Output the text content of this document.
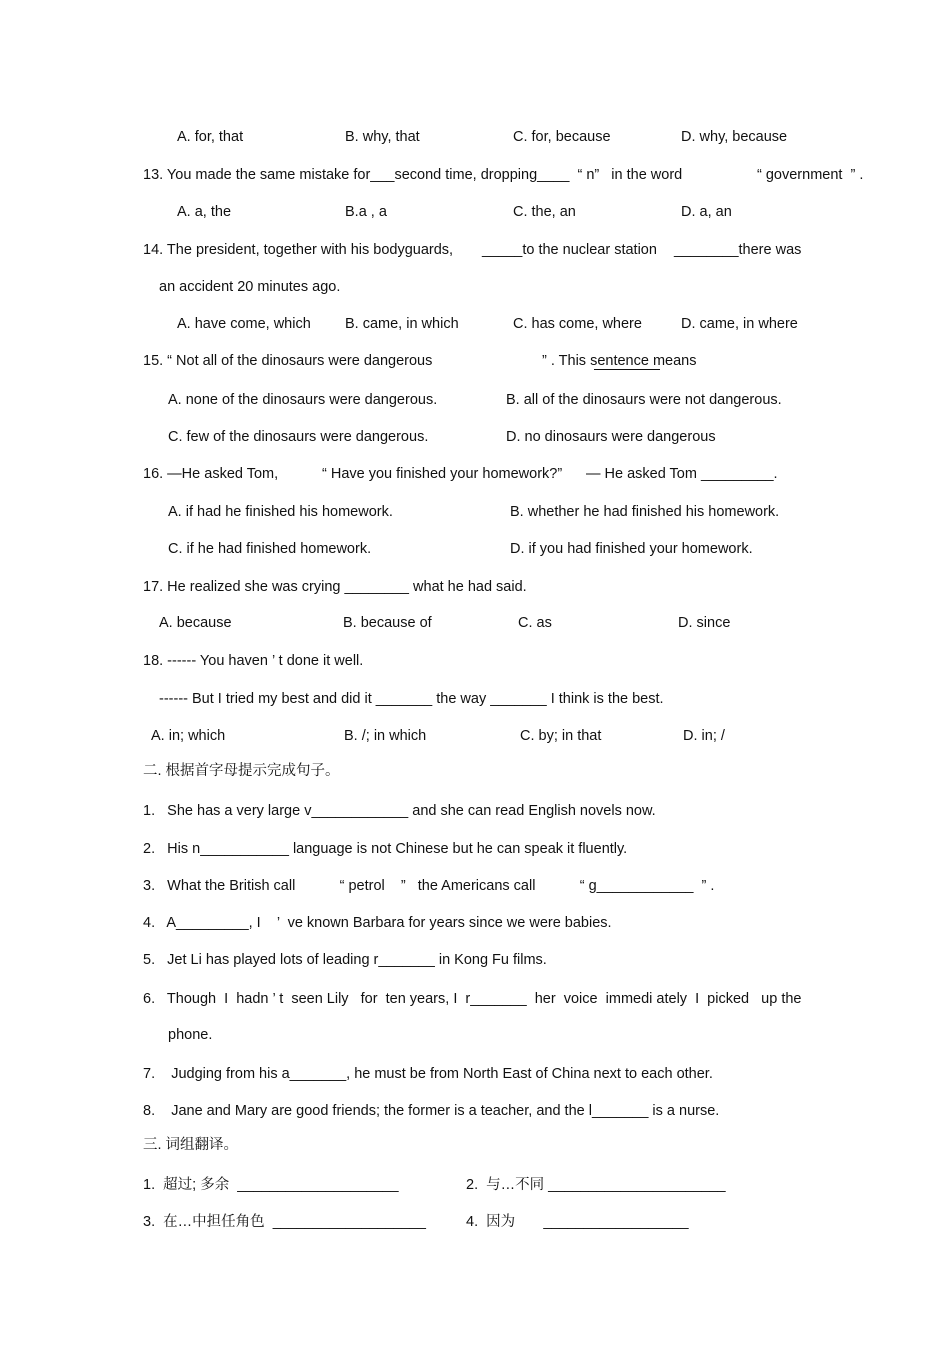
A. for, that	B. why, that	C. for, because	D. why, because
13. You made the same mistake for___second time, dropping____  “ n”   in the word	“ government  ” .
A. a, the	B.a , a	C. the, an	D. a, an
14. The president, together with his bodyguards, _____to the nuclear station ________there was
an accident 20 minutes ago.
A. have come, which B. came, in which	C. has come, where	D. came, in where
15. “ Not all of the dinosaurs were dangerous	” . This sentence means
A. none of the dinosaurs were dangerous.	B. all of the dinosaurs were not dangerous.
C. few of the dinosaurs were dangerous.	D. no dinosaurs were dangerous
16. —He asked Tom,	“ Have you finished your homework?” — He asked Tom _________.
A. if had he finished his homework.	B. whether he had finished his homework.
C. if he had finished homework.	D. if you had finished your homework.
17. He realized she was crying ________ what he had said.
A. because	B. because of	C. as	D. since
18. ------ You haven ’ t done it well.
------ But I tried my best and did it _______ the way _______ I think is the best.
A. in; which	B. /; in which	C. by; in that	D. in; /
二. 根据首字母提示完成句子。
1.   She has a very large v____________ and she can read English novels now.
2.   His n___________ language is not Chinese but he can speak it fluently.
3.   What the British call           “ petrol    ”   the Americans call           “ g____________  ” .
4.   A_________, I    ’  ve known Barbara for years since we were babies.
5.   Jet Li has played lots of leading r_______ in Kong Fu films.
6.   Though  I  hadn ’ t  seen Lily   for  ten years, I  r_______  her  voice  immedi ately  I  picked   up the
phone.
7.    Judging from his a_______, he must be from North East of China next to each other.
8.    Jane and Mary are good friends; the former is a teacher, and the l_______ is a nurse.
三. 词组翻译。
1.  超过; 多余  ____________________	2.  与…不同 ______________________
3.  在…中担任角色  ___________________	4.  因为       __________________
